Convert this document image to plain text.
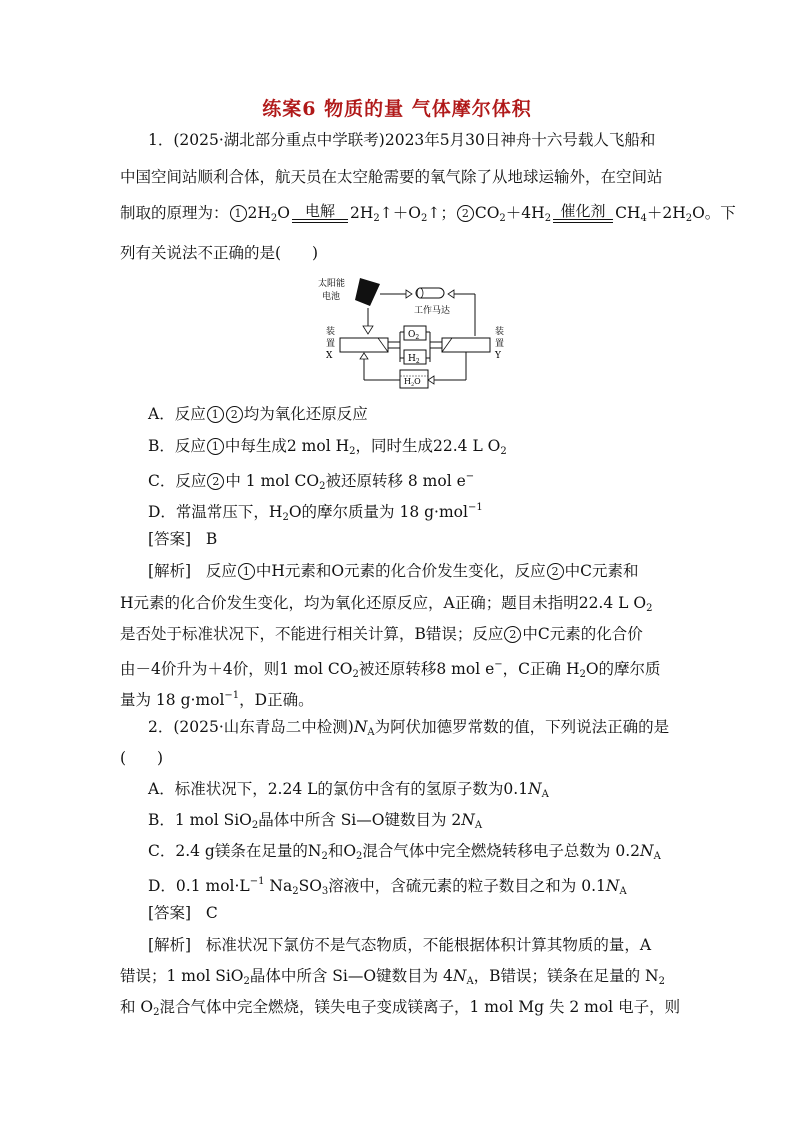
练案6 物质的量 气体摩尔体积
1．(2025·湖北部分重点中学联考)2023年5月30日神舟十六号载人飞船和
中国空间站顺利合体，航天员在太空舱需要的氧气除了从地球运输外，在空间站
制取的原理为： 1 $2H_2O$ 电解 $2H_2↑+O_2↑$； 2 $CO_2+4H_2$ 催化剂 $CH_4+2H_2O$。下
列有关说法不正确的是(　　)
太阳能
电池
工作马达
装
置
X
装
置
Y
$O_2$
$H_2$
$H_2O$
A．反应 1 2 均为氧化还原反应
B．反应 1 中每生成2 mol $H_2$，同时生成22.4 L $O_2$
C．反应 2 中 1 mol $CO_2$被还原转移 8 mol e−
D．常温常压下，$H_2O$的摩尔质量为 18 g·mol$^{-1}$
[答案] B
[解析] 反应 1 中H元素和O元素的化合价发生变化，反应 2 中C元素和
H元素的化合价发生变化，均为氧化还原反应，A正确；题目未指明22.4 L $O_2$
是否处于标准状况下，不能进行相关计算，B错误；反应 2 中C元素的化合价
由－4价升为＋4价，则1 mol $CO_2$被还原转移8 mol e−，C正确 $H_2O$的摩尔质
量为 18 g·mol$^{-1}$，D正确。
2．(2025·山东青岛二中检测)$N_A$为阿伏加德罗常数的值，下列说法正确的是
(　　)
A．标准状况下，2.24 L的氯仿中含有的氢原子数为$0.1N_A$
B．1 mol SiO$_2$晶体中所含 Si—O键数目为 $2N_A$
C．2.4 g镁条在足量的$N_2$和$O_2$混合气体中完全燃烧转移电子总数为 $0.2N_A$
D．0.1 $mol\cdot L^{-1}$ $Na_2SO_3$溶液中，含硫元素的粒子数目之和为 $0.1N_A$
[答案] C
[解析] 标准状况下氯仿不是气态物质，不能根据体积计算其物质的量，A
错误；1 mol SiO$_2$晶体中所含 Si—O键数目为 $4N_A$，B错误；镁条在足量的 $N_2$
和 $O_2$混合气体中完全燃烧，镁失电子变成镁离子，1 mol Mg 失 2 mol 电子，则
